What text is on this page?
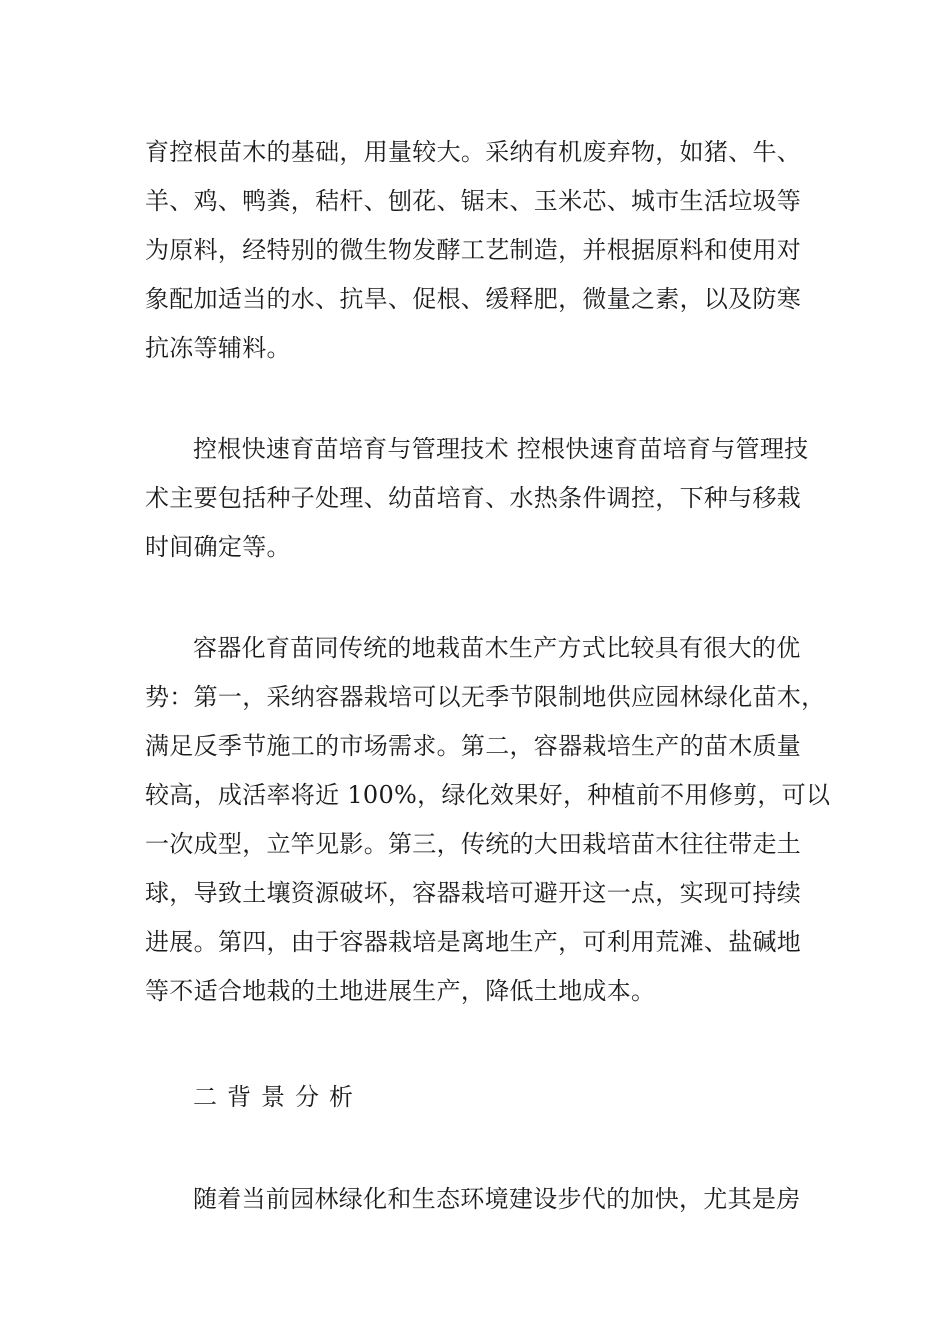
育控根苗木的基础，用量较大。采纳有机废弃物，如猪、牛、
羊、鸡、鸭粪，秸杆、刨花、锯末、玉米芯、城市生活垃圾等
为原料，经特别的微生物发酵工艺制造，并根据原料和使用对
象配加适当的水、抗旱、促根、缓释肥，微量之素，以及防寒
抗冻等辅料。
控根快速育苗培育与管理技术 控根快速育苗培育与管理技
术主要包括种子处理、幼苗培育、水热条件调控，下种与移栽
时间确定等。
容器化育苗同传统的地栽苗木生产方式比较具有很大的优
势：第一，采纳容器栽培可以无季节限制地供应园林绿化苗木，
满足反季节施工的市场需求。第二，容器栽培生产的苗木质量
较高，成活率将近 100%，绿化效果好，种植前不用修剪，可以
一次成型，立竿见影。第三，传统的大田栽培苗木往往带走土
球，导致土壤资源破坏，容器栽培可避开这一点，实现可持续
进展。第四，由于容器栽培是离地生产，可利用荒滩、盐碱地
等不适合地栽的土地进展生产，降低土地成本。
二背景分析
随着当前园林绿化和生态环境建设步代的加快，尤其是房
